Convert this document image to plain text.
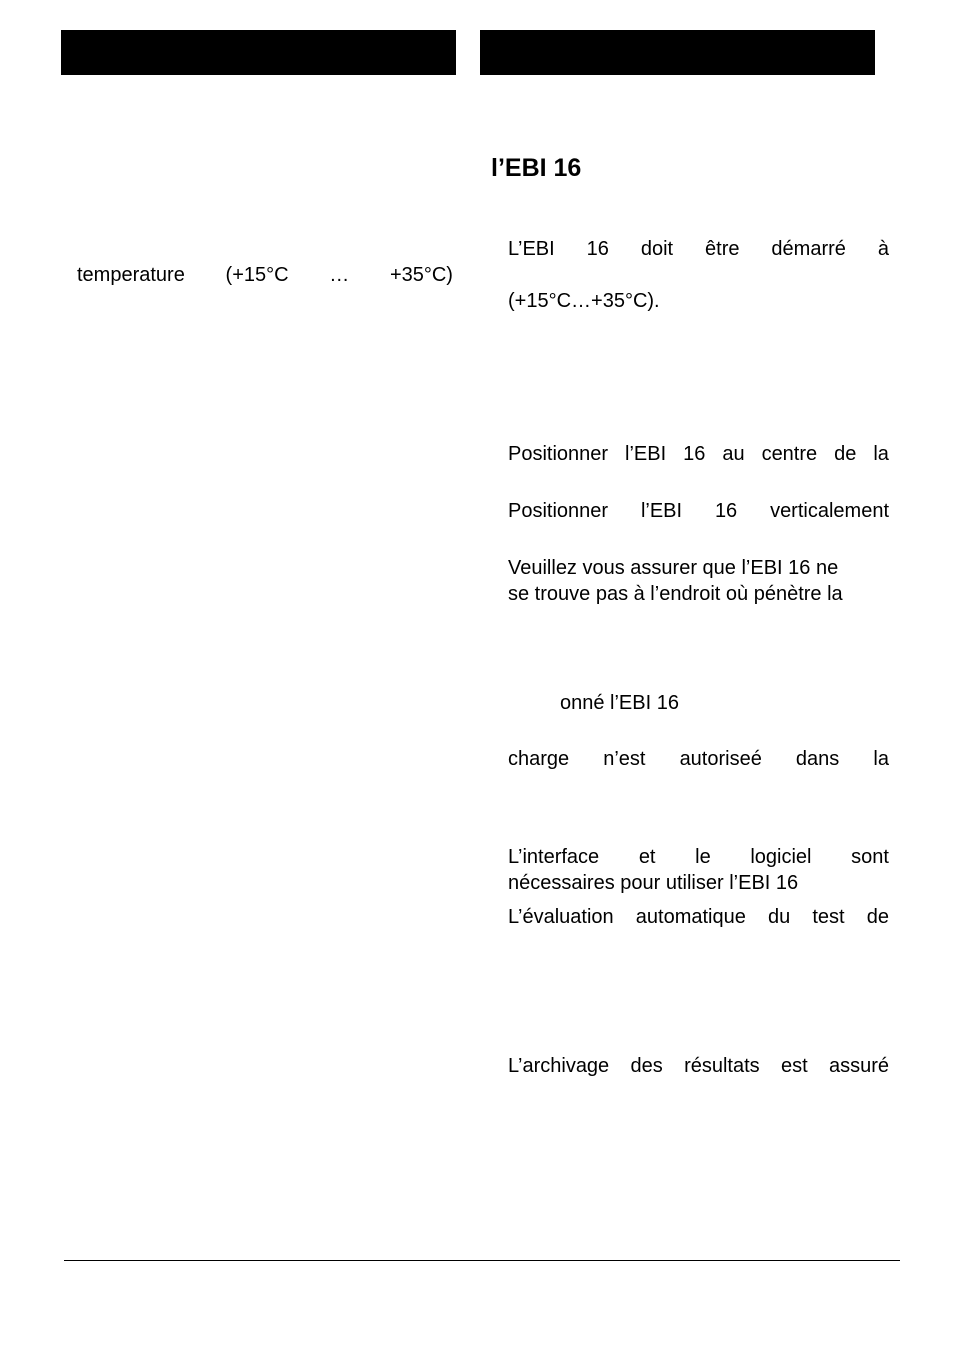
temperature (+15°C … +35°C)
l’EBI 16
L’EBI 16 doit être démarré à
(+15°C…+35°C).
Positionner l’EBI 16 au centre de la
Positionner l’EBI 16 verticalement
Veuillez vous assurer que l’EBI 16 ne
se trouve pas à l’endroit où pénètre la
onné l’EBI 16
charge n’est autoriseé dans la
L’interface et le logiciel sont
nécessaires pour utiliser l’EBI 16
L’évaluation automatique du test de
L’archivage des résultats est assuré
